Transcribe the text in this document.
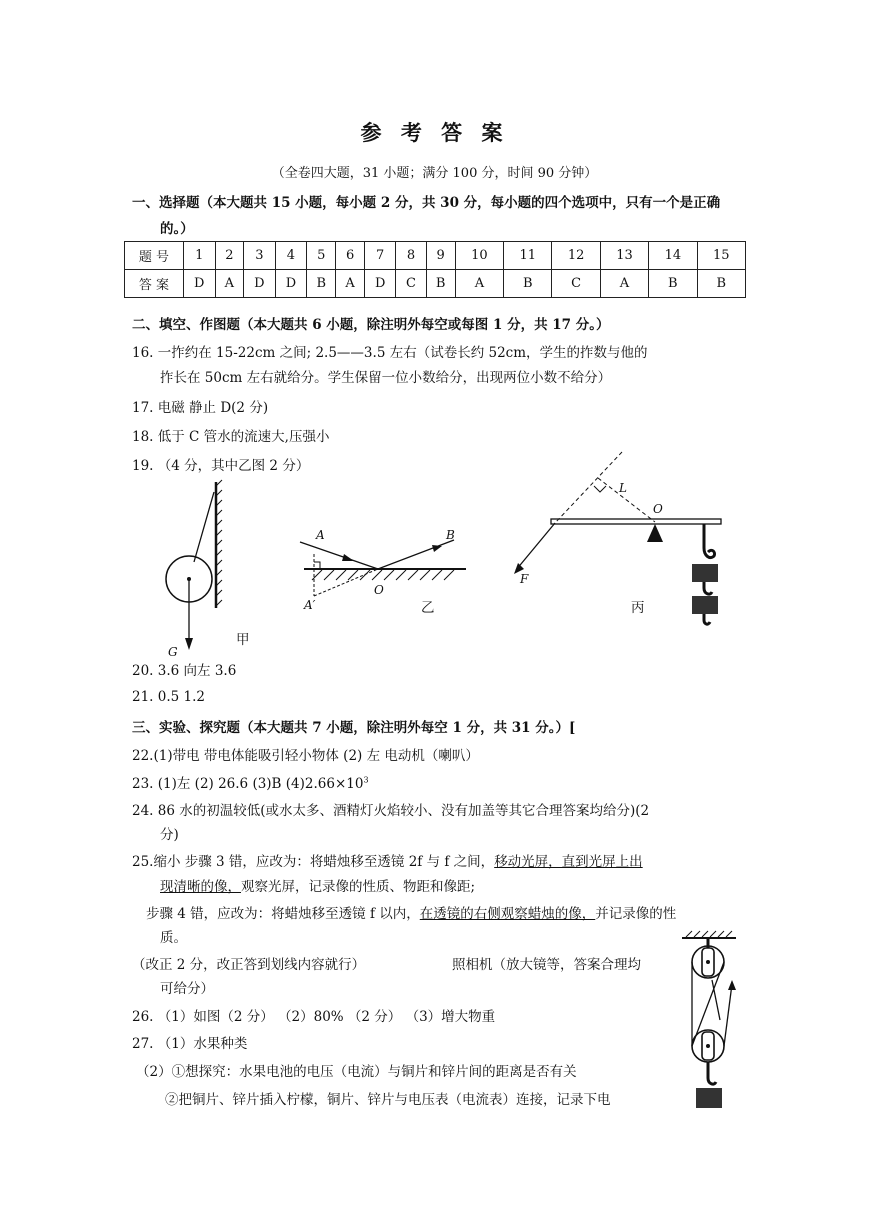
参 考 答 案
（全卷四大题，31 小题；满分 100 分，时间 90 分钟）
一、选择题（本大题共 15 小题，每小题 2 分，共 30 分，每小题的四个选项中，只有一个是正确
的。）
题 号	1	2	3	4	5	6	7	8	9	10	11	12	13	14	15
答 案	D	A	D	D	B	A	D	C	B	A	B	C	A	B	B
二、填空、作图题（本大题共 6 小题，除注明外每空或每图 1 分，共 17 分。）
16. 一拃约在 15-22cm 之间; 2.5——3.5 左右（试卷长约 52cm，学生的拃数与他的
拃长在 50cm 左右就给分。学生保留一位小数给分，出现两位小数不给分）
17. 电磁 静止 D(2 分)
18. 低于 C 管水的流速大,压强小
19. （4 分，其中乙图 2 分）
G
甲
A	B
O
A′	乙
L
O
F
丙
20. 3.6 向左 3.6
21. 0.5 1.2
三、实验、探究题（本大题共 7 小题，除注明外每空 1 分，共 31 分。）[
22.(1)带电 带电体能吸引轻小物体 (2) 左 电动机（喇叭）
23. (1)左 (2) 26.6 (3)B $(4)2.66\times 10^3$
24. 86 水的初温较低(或水太多、酒精灯火焰较小、没有加盖等其它合理答案均给分)(2
分)
25.缩小 步骤 3 错，应改为：将蜡烛移至透镜 2f 与 f 之间，移动光屏，直到光屏上出
现清晰的像，观察光屏，记录像的性质、物距和像距;
步骤 4 错，应改为：将蜡烛移至透镜 f 以内，在透镜的右侧观察蜡烛的像，并记录像的性
质。
（改正 2 分，改正答到划线内容就行）	照相机（放大镜等，答案合理均
可给分）
26. （1）如图（2 分） （2）80% （2 分） （3）增大物重
27. （1）水果种类
（2）①想探究：水果电池的电压（电流）与铜片和锌片间的距离是否有关
②把铜片、锌片插入柠檬，铜片、锌片与电压表（电流表）连接，记录下电
